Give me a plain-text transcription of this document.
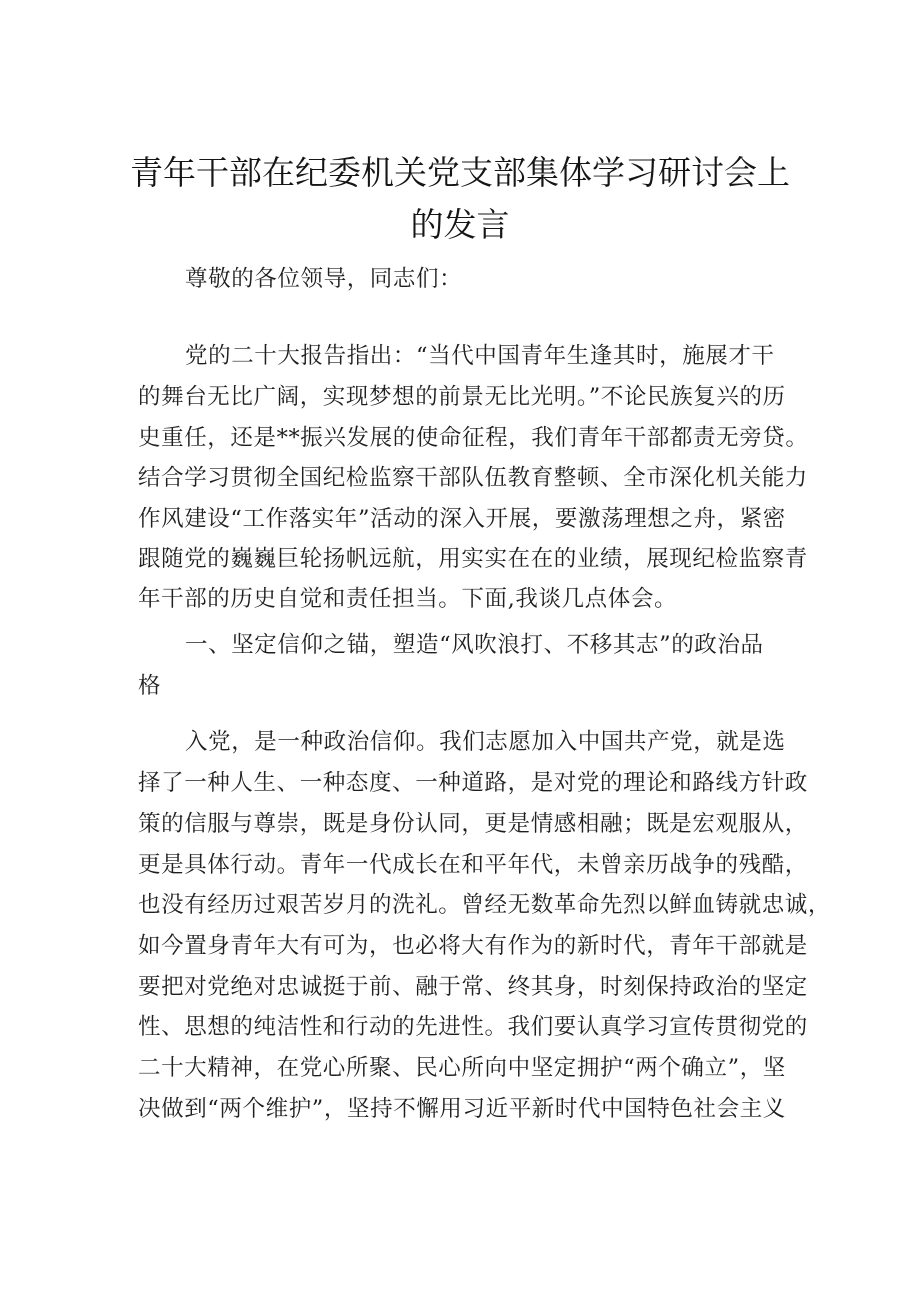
青年干部在纪委机关党支部集体学习研讨会上
的发言
尊敬的各位领导，同志们：
党的二十大报告指出：“当代中国青年生逢其时，施展才干
的舞台无比广阔，实现梦想的前景无比光明。”不论民族复兴的历
史重任，还是**振兴发展的使命征程，我们青年干部都责无旁贷。
结合学习贯彻全国纪检监察干部队伍教育整顿、全市深化机关能力
作风建设“工作落实年”活动的深入开展，要激荡理想之舟，紧密
跟随党的巍巍巨轮扬帆远航，用实实在在的业绩，展现纪检监察青
年干部的历史自觉和责任担当。下面,我谈几点体会。
一、坚定信仰之锚，塑造“风吹浪打、不移其志”的政治品
格
入党，是一种政治信仰。我们志愿加入中国共产党，就是选
择了一种人生、一种态度、一种道路，是对党的理论和路线方针政
策的信服与尊崇，既是身份认同，更是情感相融；既是宏观服从，
更是具体行动。青年一代成长在和平年代，未曾亲历战争的残酷，
也没有经历过艰苦岁月的洗礼。曾经无数革命先烈以鲜血铸就忠诚，
如今置身青年大有可为，也必将大有作为的新时代，青年干部就是
要把对党绝对忠诚挺于前、融于常、终其身，时刻保持政治的坚定
性、思想的纯洁性和行动的先进性。我们要认真学习宣传贯彻党的
二十大精神，在党心所聚、民心所向中坚定拥护“两个确立”，坚
决做到“两个维护”，坚持不懈用习近平新时代中国特色社会主义
